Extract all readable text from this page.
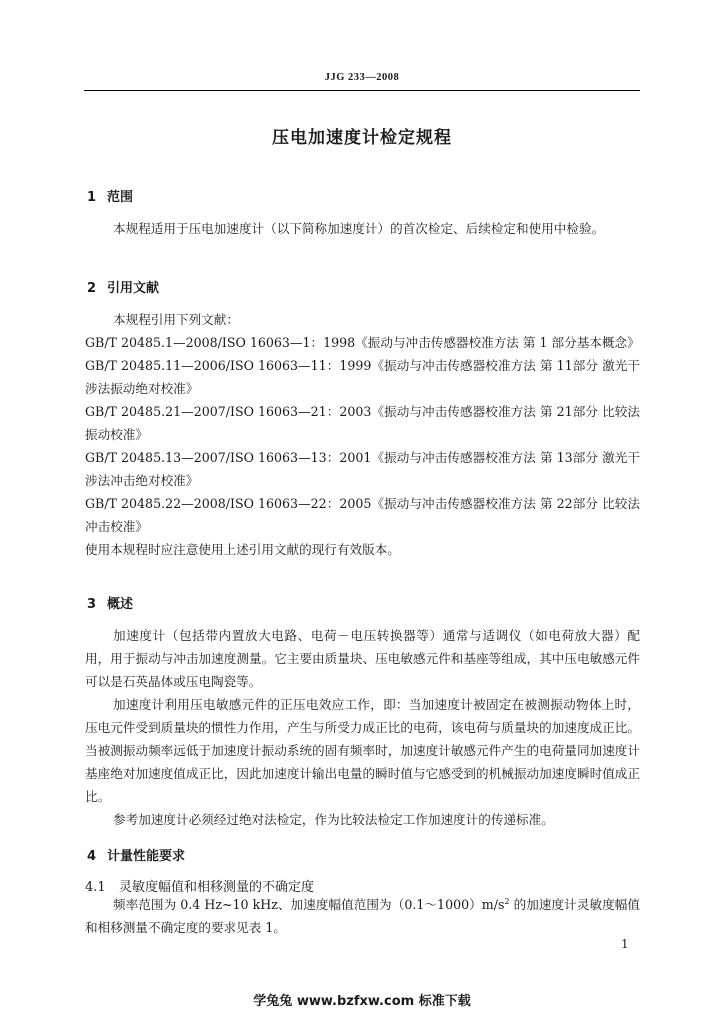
JJG 233—2008
压电加速度计检定规程
1 范围

本规程适用于压电加速度计（以下简称加速度计）的首次检定、后续检定和使用中检验。

2 引用文献

本规程引用下列文献：
GB/T 20485.1—2008/ISO 16063—1：1998《振动与冲击传感器校准方法 第 1 部分基本概念》
GB/T 20485.11—2006/ISO 16063—11：1999《振动与冲击传感器校准方法 第 11部分 激光干涉法振动绝对校准》
GB/T 20485.21—2007/ISO 16063—21：2003《振动与冲击传感器校准方法 第 21部分 比较法振动校准》
GB/T 20485.13—2007/ISO 16063—13：2001《振动与冲击传感器校准方法 第 13部分 激光干涉法冲击绝对校准》
GB/T 20485.22—2008/ISO 16063—22：2005《振动与冲击传感器校准方法 第 22部分 比较法冲击校准》
使用本规程时应注意使用上述引用文献的现行有效版本。

3 概述

加速度计（包括带内置放大电路、电荷－电压转换器等）通常与适调仪（如电荷放大器）配用，用于振动与冲击加速度测量。它主要由质量块、压电敏感元件和基座等组成，其中压电敏感元件可以是石英晶体或压电陶瓷等。

加速度计利用压电敏感元件的正压电效应工作，即：当加速度计被固定在被测振动物体上时，压电元件受到质量块的惯性力作用，产生与所受力成正比的电荷，该电荷与质量块的加速度成正比。当被测振动频率远低于加速度计振动系统的固有频率时，加速度计敏感元件产生的电荷量同加速度计基座绝对加速度值成正比，因此加速度计输出电量的瞬时值与它感受到的机械振动加速度瞬时值成正比。

参考加速度计必须经过绝对法检定，作为比较法检定工作加速度计的传递标准。

4 计量性能要求
4.1 灵敏度幅值和相移测量的不确定度

频率范围为 0.4 Hz~10 kHz、加速度幅值范围为$(0.1\sim 1000)m/s^2$ 的加速度计灵敏度幅值和相移测量不确定度的要求见表 1。

1
学兔兔 www.bzfxw.com 标准下载
